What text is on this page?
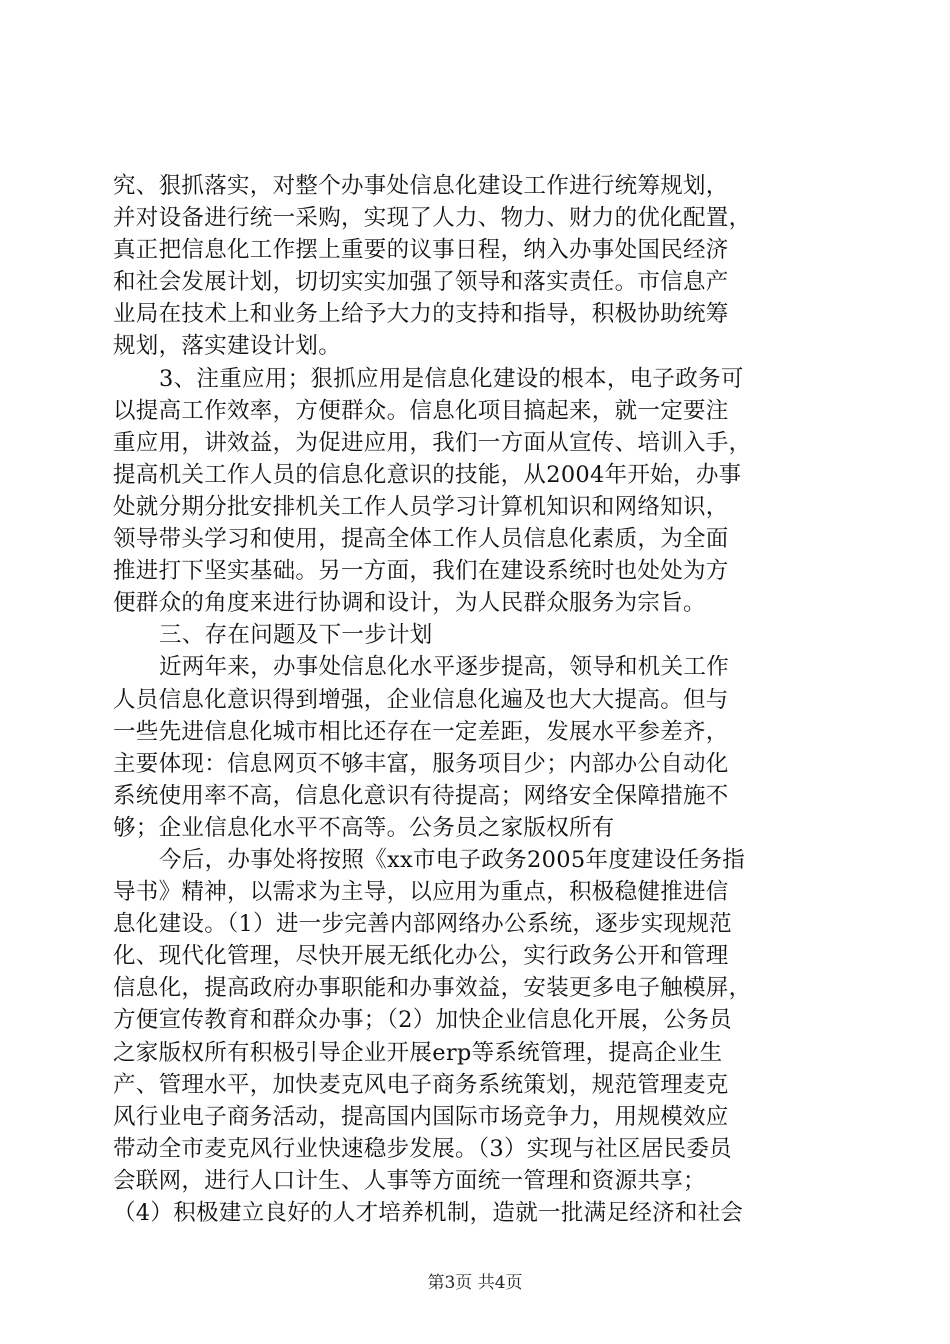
究、狠抓落实，对整个办事处信息化建设工作进行统筹规划，
并对设备进行统一采购，实现了人力、物力、财力的优化配置，
真正把信息化工作摆上重要的议事日程，纳入办事处国民经济
和社会发展计划，切切实实加强了领导和落实责任。市信息产
业局在技术上和业务上给予大力的支持和指导，积极协助统筹
规划，落实建设计划。
3、注重应用；狠抓应用是信息化建设的根本，电子政务可
以提高工作效率，方便群众。信息化项目搞起来，就一定要注
重应用，讲效益，为促进应用，我们一方面从宣传、培训入手，
提高机关工作人员的信息化意识的技能，从2004年开始，办事
处就分期分批安排机关工作人员学习计算机知识和网络知识，
领导带头学习和使用，提高全体工作人员信息化素质，为全面
推进打下坚实基础。另一方面，我们在建设系统时也处处为方
便群众的角度来进行协调和设计，为人民群众服务为宗旨。
三、存在问题及下一步计划
近两年来，办事处信息化水平逐步提高，领导和机关工作
人员信息化意识得到增强，企业信息化遍及也大大提高。但与
一些先进信息化城市相比还存在一定差距，发展水平参差齐，
主要体现：信息网页不够丰富，服务项目少；内部办公自动化
系统使用率不高，信息化意识有待提高；网络安全保障措施不
够；企业信息化水平不高等。公务员之家版权所有
今后，办事处将按照《xx市电子政务2005年度建设任务指
导书》精神，以需求为主导，以应用为重点，积极稳健推进信
息化建设。（1）进一步完善内部网络办公系统，逐步实现规范
化、现代化管理，尽快开展无纸化办公，实行政务公开和管理
信息化，提高政府办事职能和办事效益，安装更多电子触模屏，
方便宣传教育和群众办事；（2）加快企业信息化开展，公务员
之家版权所有积极引导企业开展erp等系统管理，提高企业生
产、管理水平，加快麦克风电子商务系统策划，规范管理麦克
风行业电子商务活动，提高国内国际市场竞争力，用规模效应
带动全市麦克风行业快速稳步发展。（3）实现与社区居民委员
会联网，进行人口计生、人事等方面统一管理和资源共享；
（4）积极建立良好的人才培养机制，造就一批满足经济和社会
第3页 共4页
